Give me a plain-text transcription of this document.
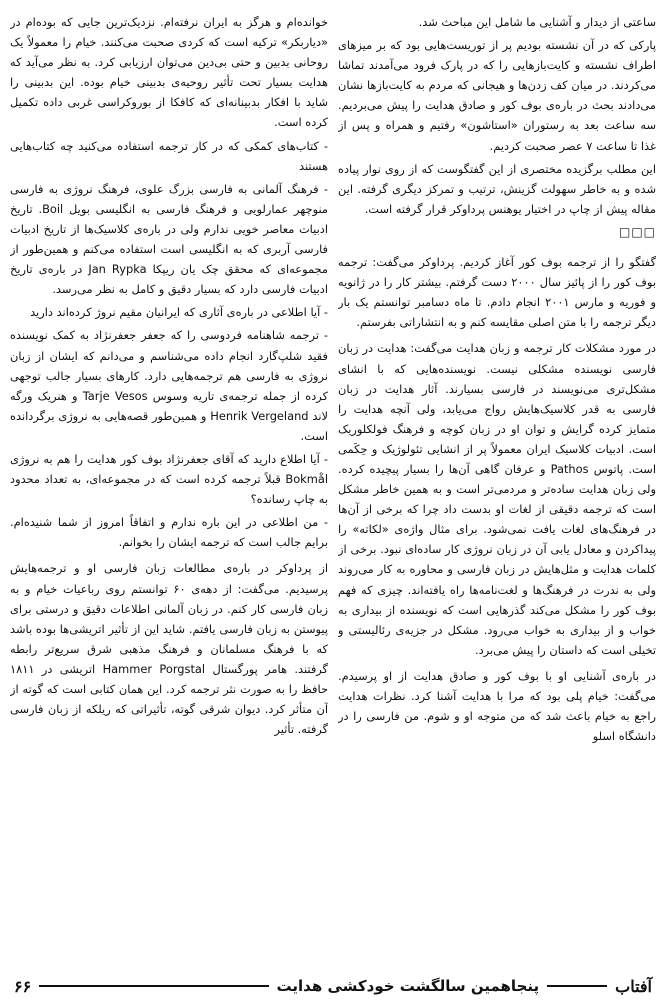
ساعتی از دیدار و آشنایی ما شامل این مباحث شد.

پارکی که در آن نشسته بودیم پر از توریست‌هایی بود که بر میزهای اطراف نشسته و کایت‌بازهایی را که در پارک فرود می‌آمدند تماشا می‌کردند. در میان کف زدن‌ها و هیجانی که مردم به کایت‌بازها نشان می‌دادند بحث در باره‌ی بوف کور و صادق هدایت را پیش می‌بردیم. سه ساعت بعد به رستوران «استاشون» رفتیم و همراه و پس از غذا تا ساعت ۷ عصر صحبت کردیم.

این مطلب برگزیده مختصری از این گفتگوست که از روی نوار پیاده شده و به خاطر سهولت گزینش، ترتیب و تمرکز دیگری گرفته. این مقاله پیش از چاپ در اختیار یوهنس پرداوکر قرار گرفته است.

□□□

گفتگو را از ترجمه بوف کور آغاز کردیم. پرداوکر می‌گفت: ترجمه بوف کور را از پائیز سال ۲۰۰۰ دست گرفتم. بیشتر کار را در ژانویه و فوریه و مارس ۲۰۰۱ انجام دادم. تا ماه دسامبر توانستم یک بار دیگر ترجمه را با متن اصلی مقایسه کنم و به انتشاراتی بفرستم.

در مورد مشکلات کار ترجمه و زبان هدایت می‌گفت: هدایت در زبان فارسی نویسنده مشکلی نیست. نویسنده‌هایی که با انشای مشکل‌تری می‌نویسند در فارسی بسیارند. آثار هدایت در زبان فارسی به قدر کلاسیک‌هایش رواج می‌یابد، ولی آنچه هدایت را متمایز کرده گرایش و توان او در زبان کوچه و فرهنگ فولکلوریک است. ادبیات کلاسیک ایران معمولاً پر از انشایی تئولوژیک و حِکَمی است. پاتوس Pathos و عرفان گاهی آن‌ها را بسیار پیچیده کرده. ولی زبان هدایت ساده‌تر و مردمی‌تر است و به همین خاطر مشکل است که ترجمه دقیقی از لغات او بدست داد چرا که برخی از آن‌ها در فرهنگ‌های لغات یافت نمی‌شود. برای مثال واژه‌ی «لکاته» را پیداکردن و معادل یابی آن در زبان نروژی کار ساده‌ای نبود. برخی از کلمات هدایت و مثل‌هایش در زبان فارسی و محاوره به کار می‌روند ولی به ندرت در فرهنگ‌ها و لغت‌نامه‌ها راه یافته‌اند. چیزی که فهم بوف کور را مشکل می‌کند گذرهایی است که نویسنده از بیداری به خواب و از بیداری به خواب می‌رود. مشکل در جزیه‌ی رئالیستی و تخیلی است که داستان را پیش می‌برد.

در باره‌ی آشنایی او با بوف کور و صادق هدایت از او پرسیدم. می‌گفت: خیام پلی بود که مرا با هدایت آشنا کرد. نظرات هدایت راجع به خیام باعث شد که من متوجه او و شوم. من فارسی را در دانشگاه اسلو

خوانده‌ام و هرگز به ایران نرفته‌ام. نزدیک‌ترین جایی که بوده‌ام در «دیاربکر» ترکیه است که کردی صحبت می‌کنند. خیام را معمولاً یک روحانی بدبین و حتی بی‌دین می‌توان ارزیابی کرد. به نظر می‌آید که هدایت بسیار تحت تأثیر روحیه‌ی بدبینی خیام بوده. این بدبینی را شاید با افکار بدبینانه‌ای که کافکا از بوروکراسی غربی داده تکمیل کرده است.

- کتاب‌های کمکی که در کار ترجمه استفاده می‌کنید چه کتاب‌هایی هستند

- فرهنگ آلمانی به فارسی بزرگ علوی، فرهنگ نروژی به فارسی منوچهر عمارلویی و فرهنگ فارسی به انگلیسی بویل Boil. تاریخ ادبیات معاصر خویی ندارم ولی در باره‌ی کلاسیک‌ها از تاریخ ادبیات فارسی آربری که به انگلیسی است استفاده می‌کنم و همین‌طور از مجموعه‌ای که محقق چک یان ریپکا Jan Rypka در باره‌ی تاریخ ادبیات فارسی دارد که بسیار دقیق و کامل به نظر می‌رسد.

- آیا اطلاعی در باره‌ی آثاری که ایرانیان مقیم نروژ کرده‌اند دارید

- ترجمه شاهنامه فردوسی را که جعفر جعفرنژاد به کمک نویسنده فقید شلپ‌گارد انجام داده می‌شناسم و می‌دانم که ایشان از زبان نروژی به فارسی هم ترجمه‌هایی دارد. کارهای بسیار جالب توجهی کرده از جمله ترجمه‌ی تاریه وسوس Tarje Vesos و هنریک ورگه لاند Henrik Vergeland و همین‌طور قصه‌هایی به نروژی برگردانده است.

- آیا اطلاع دارید که آقای جعفرنژاد بوف کور هدایت را هم به نروژی Bokmål قبلاً ترجمه کرده است که در مجموعه‌ای، به تعداد محدود به چاپ رسانده؟

- من اطلاعی در این باره ندارم و اتفاقاً امروز از شما شنیده‌ام. برایم جالب است که ترجمه ایشان را بخوانم.

از پرداوکر در باره‌ی مطالعات زبان فارسی او و ترجمه‌هایش پرسیدیم. می‌گفت: از دهه‌ی ۶۰ توانستم روی رباعیات خیام و به زبان فارسی کار کنم. در زبان آلمانی اطلاعات دقیق و درستی برای پیوستن به زبان فارسی یافتم. شاید این از تأثیر اتریشی‌ها بوده باشد که با فرهنگ مسلمانان و فرهنگ مذهبی شرق سریع‌تر رابطه گرفتند. هامر پورگستال Hammer Porgstal اتریشی در ۱۸۱۱ حافظ را به صورت نثر ترجمه کرد. این همان کتابی است که گوته از آن متأثر کرد. دیوان شرقی گوته، تأثیراتی که ریلکه از زبان فارسی گرفته. تأثیر

آفتاب
پنجاهمین سالگشت خودکشی هدایت
۶۶
